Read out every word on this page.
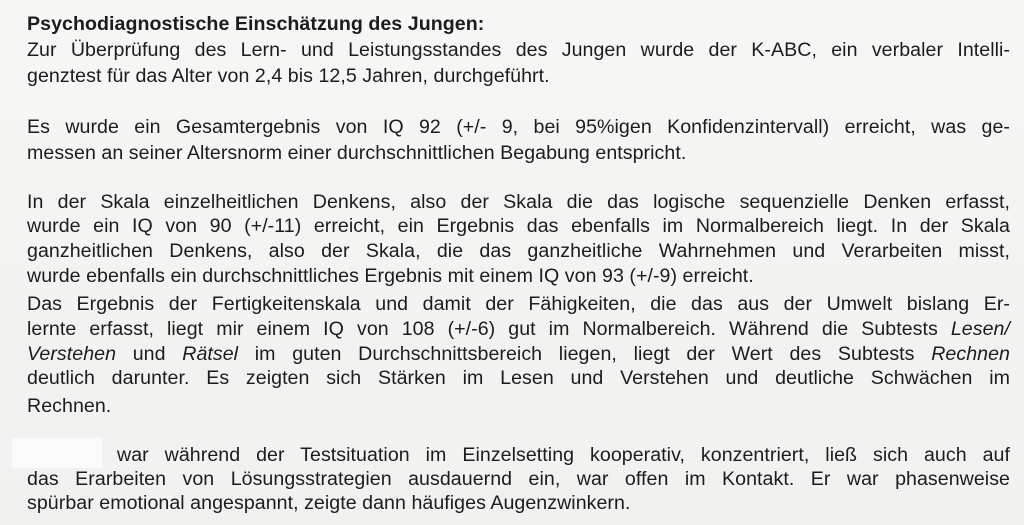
Psychodiagnostische Einschätzung des Jungen:
Zur Überprüfung des Lern- und Leistungsstandes des Jungen wurde der K-ABC, ein verbaler Intelli-
genztest für das Alter von 2,4 bis 12,5 Jahren, durchgeführt.
Es wurde ein Gesamtergebnis von IQ 92 (+/- 9, bei 95%igen Konfidenzintervall) erreicht, was ge-
messen an seiner Altersnorm einer durchschnittlichen Begabung entspricht.
In der Skala einzelheitlichen Denkens, also der Skala die das logische sequenzielle Denken erfasst,
wurde ein IQ von 90 (+/-11) erreicht, ein Ergebnis das ebenfalls im Normalbereich liegt. In der Skala
ganzheitlichen Denkens, also der Skala, die das ganzheitliche Wahrnehmen und Verarbeiten misst,
wurde ebenfalls ein durchschnittliches Ergebnis mit einem IQ von 93 (+/-9) erreicht.
Das Ergebnis der Fertigkeitenskala und damit der Fähigkeiten, die das aus der Umwelt bislang Er-
lernte erfasst, liegt mir einem IQ von 108 (+/-6) gut im Normalbereich. Während die Subtests Lesen/
Verstehen und Rätsel im guten Durchschnittsbereich liegen, liegt der Wert des Subtests Rechnen
deutlich darunter. Es zeigten sich Stärken im Lesen und Verstehen und deutliche Schwächen im
Rechnen.
war während der Testsituation im Einzelsetting kooperativ, konzentriert, ließ sich auch auf
das Erarbeiten von Lösungsstrategien ausdauernd ein, war offen im Kontakt. Er war phasenweise
spürbar emotional angespannt, zeigte dann häufiges Augenzwinkern.
